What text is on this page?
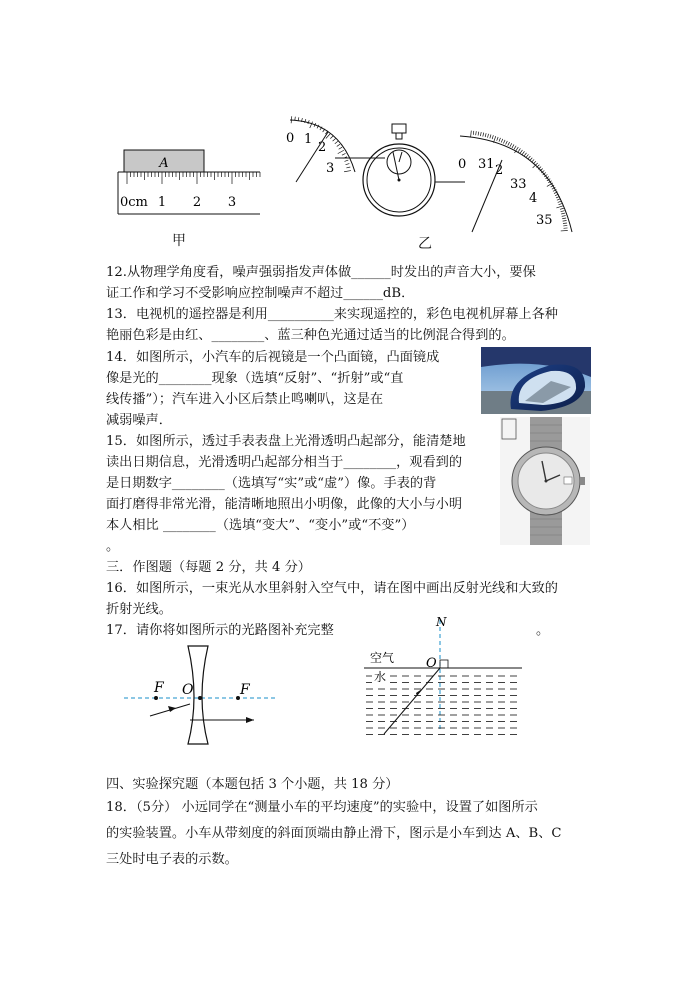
A
0cm 1 2 3
甲
0 1
2
3	0 31 2
33
4
35
乙
12.从物理学角度看，噪声强弱指发声体做______时发出的声音大小，要保
证工作和学习不受影响应控制噪声不超过______dB．
13．电视机的遥控器是利用__________来实现遥控的，彩色电视机屏幕上各种
艳丽色彩是由红、________、蓝三种色光通过适当的比例混合得到的。
14．如图所示，小汽车的后视镜是一个凸面镜，凸面镜成
像是光的________现象（选填“反射”、“折射”或“直
线传播”）；汽车进入小区后禁止鸣喇叭，这是在
减弱噪声．
15．如图所示，透过手表表盘上光滑透明凸起部分，能清楚地
读出日期信息，光滑透明凸起部分相当于________，观看到的
是日期数字________（选填写“实”或“虚”）像。手表的背
面打磨得非常光滑，能清晰地照出小明像，此像的大小与小明
本人相比 ________（选填“变大”、“变小”或“不变”）
。
三．作图题（每题 2 分，共 4 分）
16．如图所示，一束光从水里斜射入空气中，请在图中画出反射光线和大致的
折射光线。
17．请你将如图所示的光路图补充完整	。
F O	F
N
空气 O
水
四、实验探究题（本题包括 3 个小题，共 18 分）
18．（5分） 小远同学在“测量小车的平均速度”的实验中，设置了如图所示
的实验装置。小车从带刻度的斜面顶端由静止滑下，图示是小车到达 A、B、C
三处时电子表的示数。
